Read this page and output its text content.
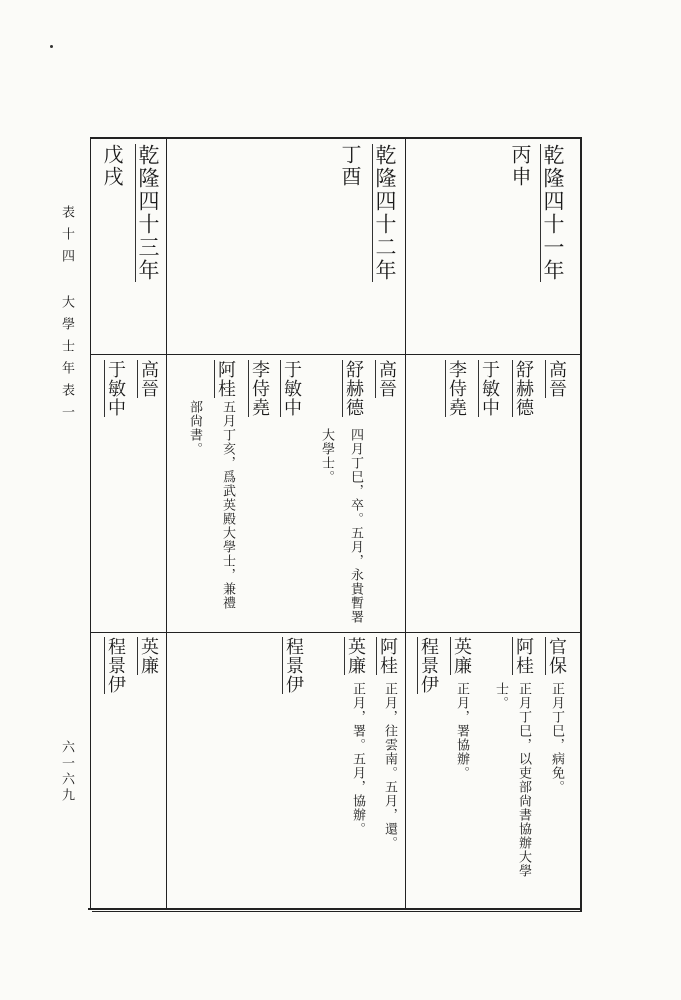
表十四 大學士年表一
六一六九
乾隆四十一年
丙申
高晉
舒赫德
于敏中
李侍堯
官保
正月丁巳，病免。
阿桂
正月丁巳，以吏部尙書協辦大學
士。
英廉
正月，署協辦。
程景伊
乾隆四十二年
丁酉
高晉
舒赫德
四月丁巳，卒。五月，永貴暫署
大學士。
于敏中
李侍堯
阿桂
五月丁亥，爲武英殿大學士，兼禮
部尙書。
阿桂
正月，往雲南。五月，還。
英廉
正月，署。五月，協辦。
程景伊
乾隆四十三年
戊戌
高晉
于敏中
英廉
程景伊
